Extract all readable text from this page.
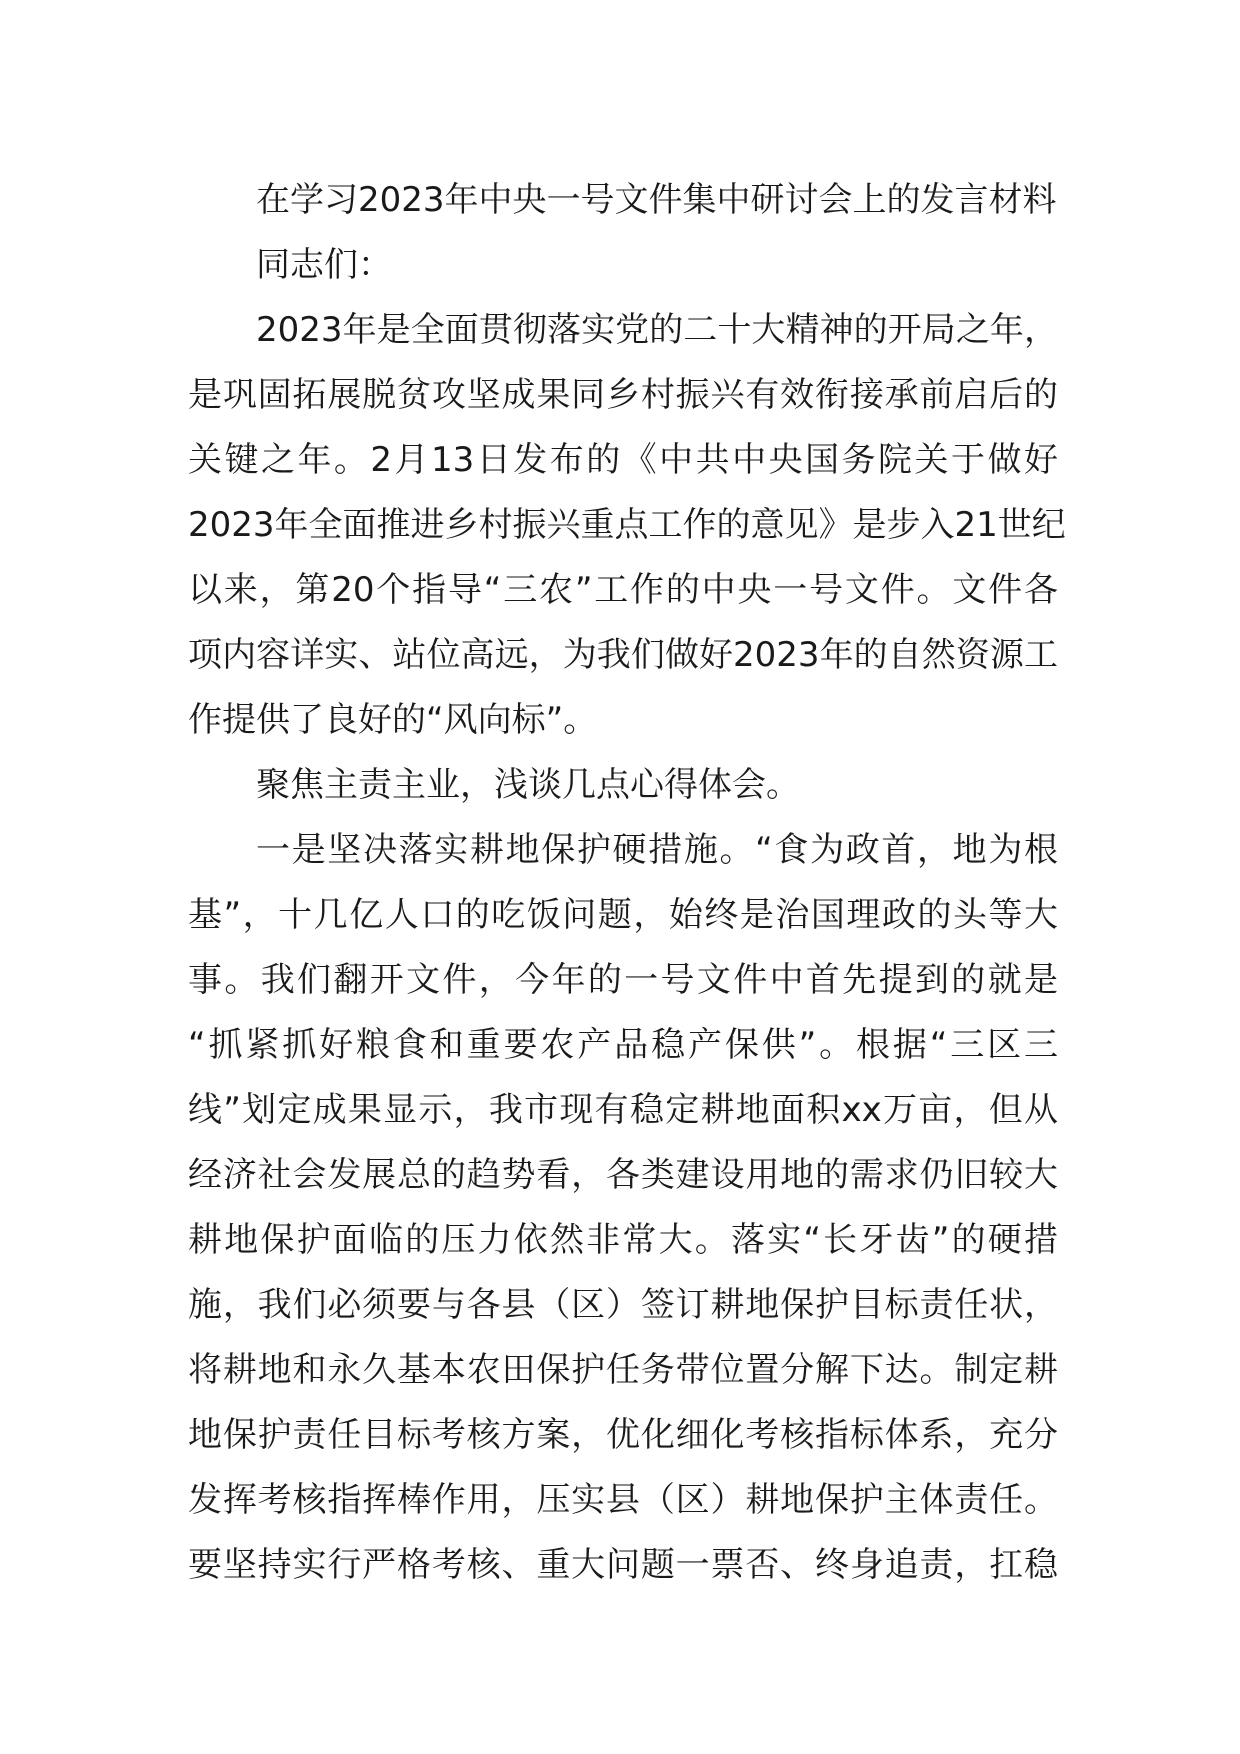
在学习2023年中央一号文件集中研讨会上的发言材料
同志们：
2023年是全面贯彻落实党的二十大精神的开局之年，
是巩固拓展脱贫攻坚成果同乡村振兴有效衔接承前启后的
关键之年。2月13日发布的《中共中央国务院关于做好
2023年全面推进乡村振兴重点工作的意见》是步入21世纪
以来，第20个指导“三农”工作的中央一号文件。文件各
项内容详实、站位高远，为我们做好2023年的自然资源工
作提供了良好的“风向标”。
聚焦主责主业，浅谈几点心得体会。
一是坚决落实耕地保护硬措施。“食为政首，地为根
基”，十几亿人口的吃饭问题，始终是治国理政的头等大
事。我们翻开文件，今年的一号文件中首先提到的就是
“抓紧抓好粮食和重要农产品稳产保供”。根据“三区三
线”划定成果显示，我市现有稳定耕地面积xx万亩，但从
经济社会发展总的趋势看，各类建设用地的需求仍旧较大
耕地保护面临的压力依然非常大。落实“长牙齿”的硬措
施，我们必须要与各县（区）签订耕地保护目标责任状，
将耕地和永久基本农田保护任务带位置分解下达。制定耕
地保护责任目标考核方案，优化细化考核指标体系，充分
发挥考核指挥棒作用，压实县（区）耕地保护主体责任。
要坚持实行严格考核、重大问题一票否、终身追责，扛稳
